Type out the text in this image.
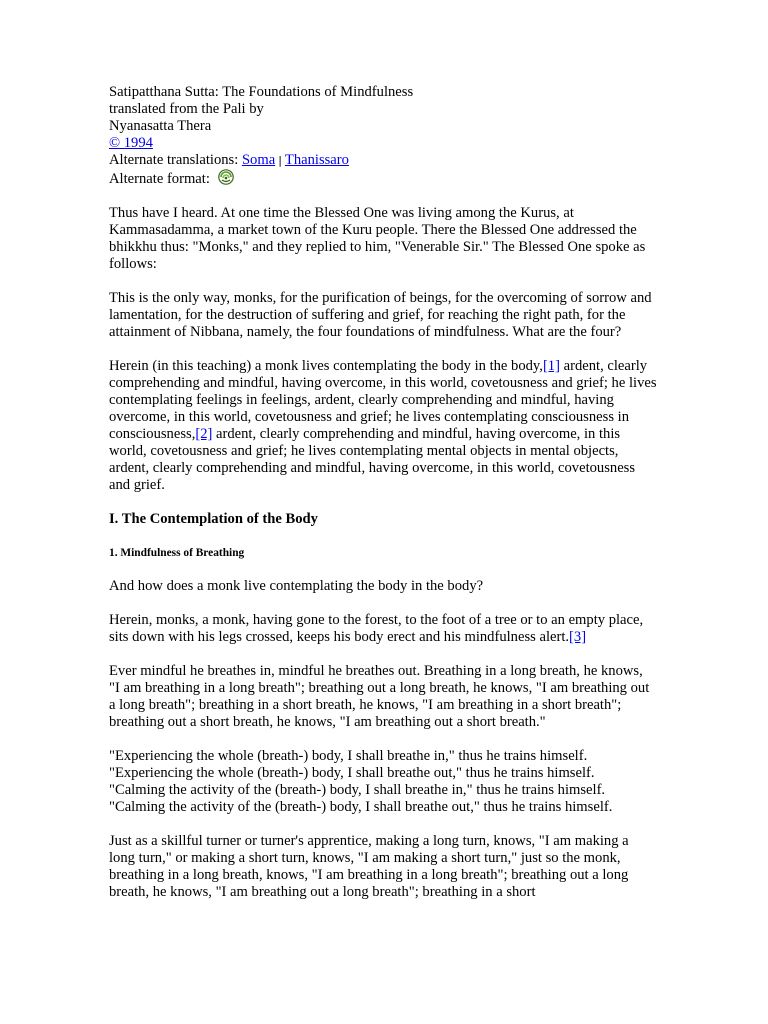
Satipatthana Sutta: The Foundations of Mindfulness
translated from the Pali by
Nyanasatta Thera
© 1994
Alternate translations: Soma | Thanissaro
Alternate format:

Thus have I heard. At one time the Blessed One was living among the Kurus, at Kammasadamma, a market town of the Kuru people. There the Blessed One addressed the bhikkhu thus: "Monks," and they replied to him, "Venerable Sir." The Blessed One spoke as follows:

This is the only way, monks, for the purification of beings, for the overcoming of sorrow and lamentation, for the destruction of suffering and grief, for reaching the right path, for the attainment of Nibbana, namely, the four foundations of mindfulness. What are the four?

Herein (in this teaching) a monk lives contemplating the body in the body,[1] ardent, clearly comprehending and mindful, having overcome, in this world, covetousness and grief; he lives contemplating feelings in feelings, ardent, clearly comprehending and mindful, having overcome, in this world, covetousness and grief; he lives contemplating consciousness in consciousness,[2] ardent, clearly comprehending and mindful, having overcome, in this world, covetousness and grief; he lives contemplating mental objects in mental objects, ardent, clearly comprehending and mindful, having overcome, in this world, covetousness and grief.

I. The Contemplation of the Body
1. Mindfulness of Breathing

And how does a monk live contemplating the body in the body?

Herein, monks, a monk, having gone to the forest, to the foot of a tree or to an empty place, sits down with his legs crossed, keeps his body erect and his mindfulness alert.[3]

Ever mindful he breathes in, mindful he breathes out. Breathing in a long breath, he knows, "I am breathing in a long breath"; breathing out a long breath, he knows, "I am breathing out a long breath"; breathing in a short breath, he knows, "I am breathing in a short breath"; breathing out a short breath, he knows, "I am breathing out a short breath."

"Experiencing the whole (breath-) body, I shall breathe in," thus he trains himself.
"Experiencing the whole (breath-) body, I shall breathe out," thus he trains himself.
"Calming the activity of the (breath-) body, I shall breathe in," thus he trains himself.
"Calming the activity of the (breath-) body, I shall breathe out," thus he trains himself.

Just as a skillful turner or turner's apprentice, making a long turn, knows, "I am making a long turn," or making a short turn, knows, "I am making a short turn," just so the monk, breathing in a long breath, knows, "I am breathing in a long breath"; breathing out a long breath, he knows, "I am breathing out a long breath"; breathing in a short
